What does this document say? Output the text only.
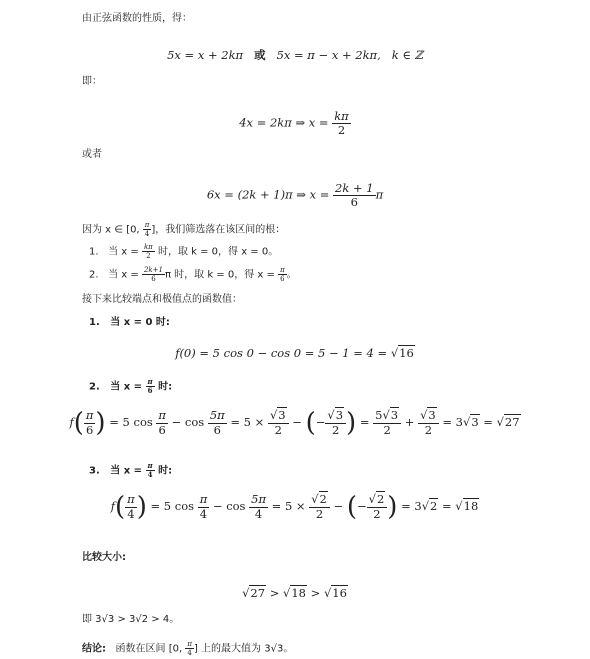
由正弦函数的性质，得：
5x = x + 2kπ 或 5x = π − x + 2kπ, k ∈ ℤ
即：
4x = 2kπ ⇒ $x = \frac{k\pi}{2}$
或者
6x = (2k + 1)π ⇒ $x = \frac{2k + 1}{6}$ π
因为 x ∈ [0, $\frac{\pi}{4}$ ]，我们筛选落在该区间的根：
1. 当 $x = \frac{k\pi}{2}$ 时，取 k = 0，得 x = 0。
2. 当 $x = \frac{2k+1}{6}$ π 时，取 k = 0，得 $x = \frac{\pi}{6}$ 。
接下来比较端点和极值点的函数值：
1. 当 x = 0 时:
f(0) = 5 cos 0 − cos 0 = 5 − 1 = 4 = √16
2. 当 $x = \frac{\pi}{6}$ 时:
$f( \frac{\pi}{6}$ ) = 5 $\cos \frac{\pi}{6} - \cos \frac{5\pi}{6} = 5 \times \frac{√3}{2}$ − (− $\frac{√3}{2}$ ) = $\frac{5√3}{2} + \frac{√3}{2} = 3√3 = √27$
3. 当 $x = \frac{\pi}{4}$ 时:
$f( \frac{\pi}{4}$ ) = 5 $\cos \frac{\pi}{4} - \cos \frac{5\pi}{4} = 5 \times \frac{√2}{2}$ − (− $\frac{√2}{2}$ ) = 3√2 = √18
比较大小:
√27 > √18 > √16
即 3√3 > 3√2 > 4。
结论: 函数在区间 [0, $\frac{\pi}{4}$ ] 上的最大值为 3√3。
